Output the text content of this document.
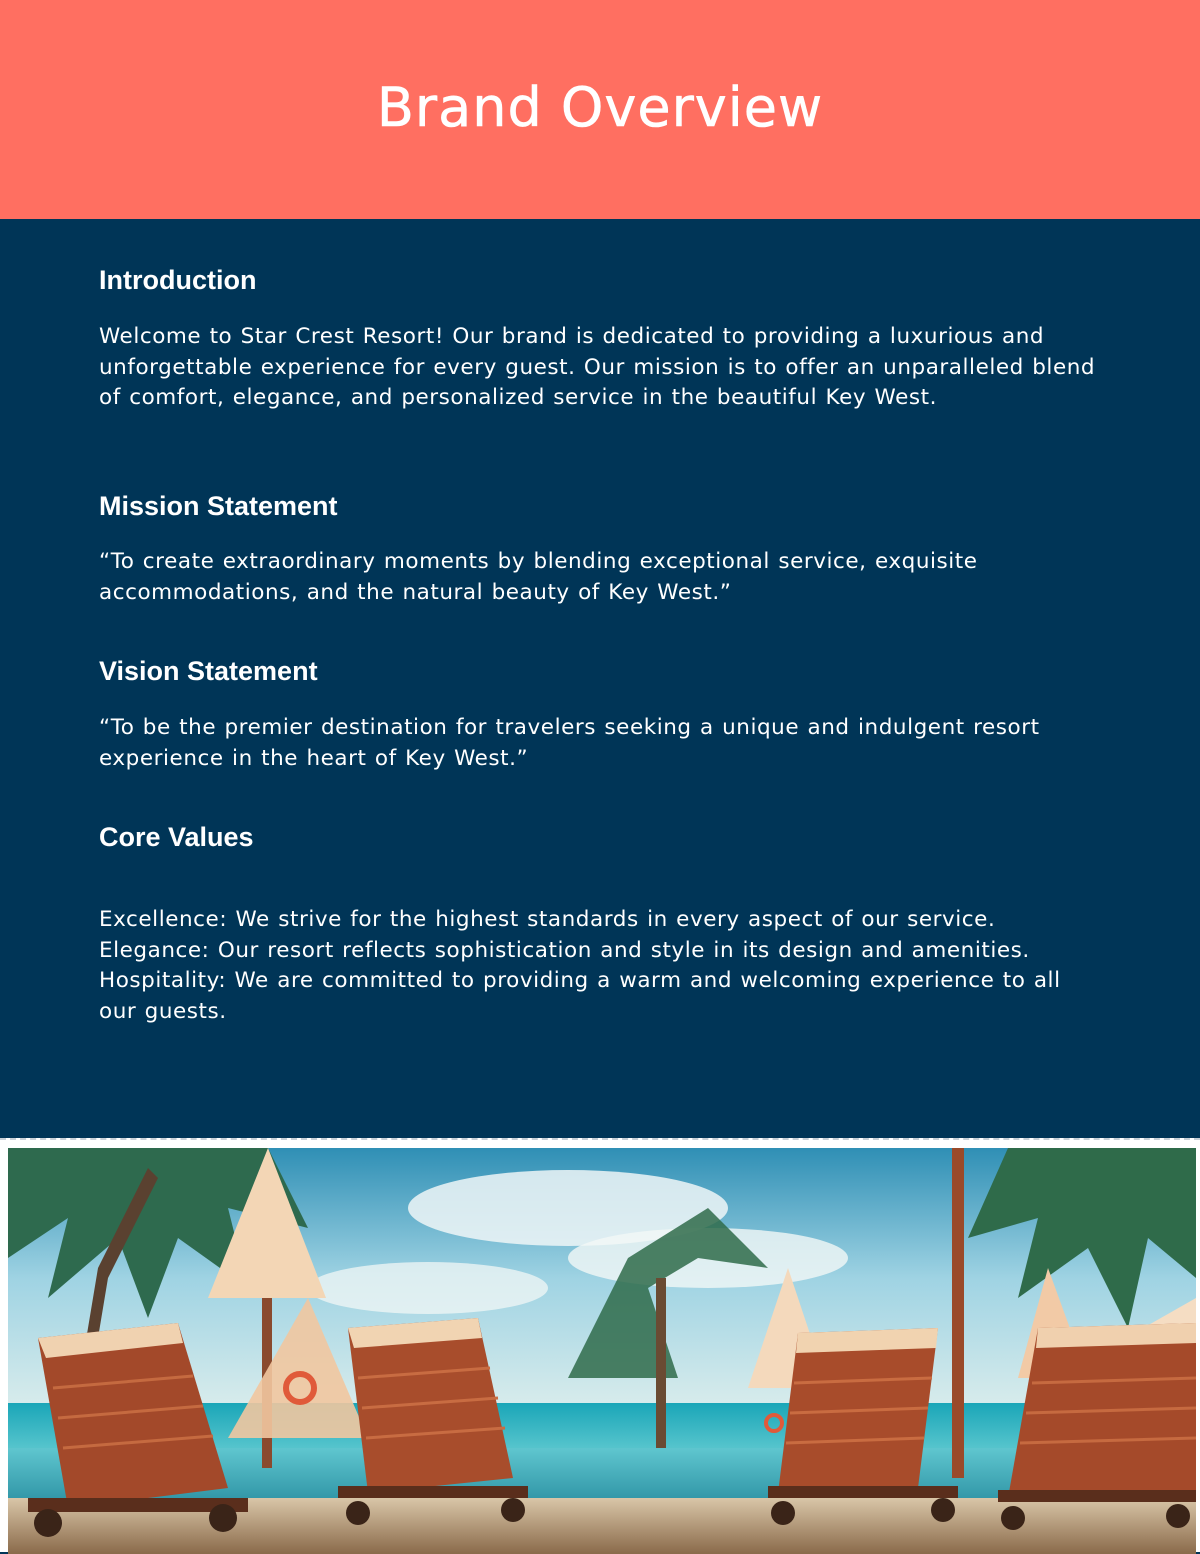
Brand Overview
Introduction

Welcome to Star Crest Resort! Our brand is dedicated to providing a luxurious and unforgettable experience for every guest. Our mission is to offer an unparalleled blend of comfort, elegance, and personalized service in the beautiful Key West.

Mission Statement

“To create extraordinary moments by blending exceptional service, exquisite accommodations, and the natural beauty of Key West.”

Vision Statement

“To be the premier destination for travelers seeking a unique and indulgent resort experience in the heart of Key West.”

Core Values

Excellence: We strive for the highest standards in every aspect of our service. Elegance: Our resort reflects sophistication and style in its design and amenities. Hospitality: We are committed to providing a warm and welcoming experience to all our guests.
